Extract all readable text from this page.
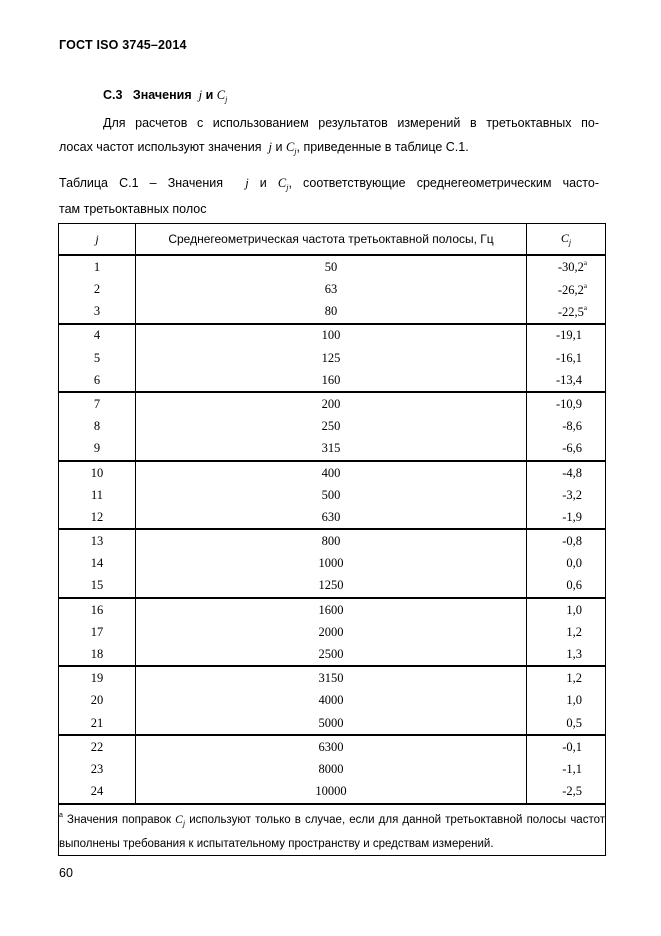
ГОСТ ISO 3745–2014
С.3 Значения j и $C_j$
Для расчетов с использованием результатов измерений в третьоктавных по-
лосах частот используют значения j и $C_j$, приведенные в таблице С.1.
Таблица С.1 – Значения j и $C_j$, соответствующие среднегеометрическим часто-
там третьоктавных полос
j	Среднегеометрическая частота третьоктавной полосы, Гц	$C_j$
1	50	-30,2$^a$
2	63	-26,2$^a$
3	80	-22,5$^a$
4	100	-19,1
5	125	-16,1
6	160	-13,4
7	200	-10,9
8	250	-8,6
9	315	-6,6
10	400	-4,8
11	500	-3,2
12	630	-1,9
13	800	-0,8
14	1000	0,0
15	1250	0,6
16	1600	1,0
17	2000	1,2
18	2500	1,3
19	3150	1,2
20	4000	1,0
21	5000	0,5
22	6300	-0,1
23	8000	-1,1
24	10000	-2,5
$^a$ Значения поправок $C_j$ используют только в случае, если для данной третьоктавной полосы частот выполнены требования к испытательному пространству и средствам измерений.		
60
